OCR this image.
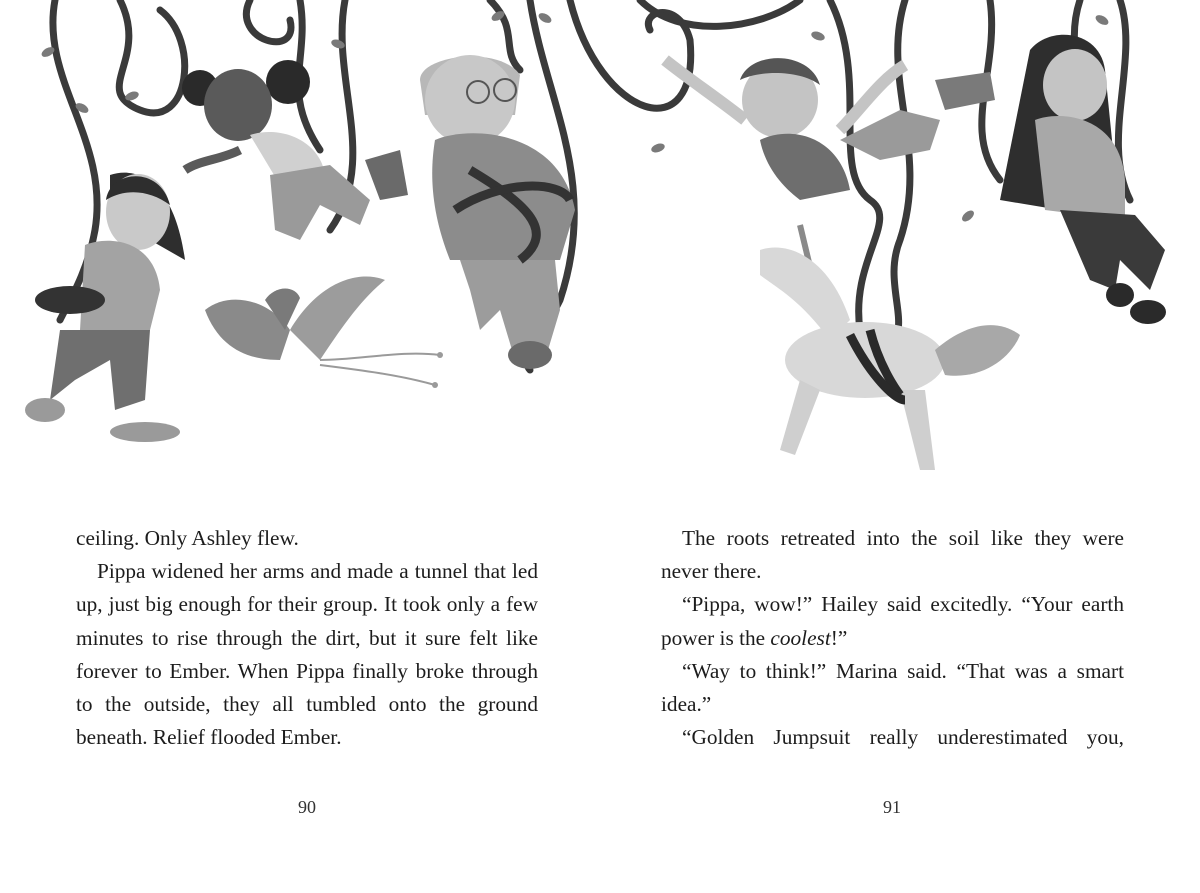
ceiling. Only Ashley flew.

Pippa widened her arms and made a tunnel that led up, just big enough for their group. It took only a few minutes to rise through the dirt, but it sure felt like forever to Ember. When Pippa finally broke through to the outside, they all tumbled onto the ground beneath. Relief flooded Ember.

90

The roots retreated into the soil like they were never there.

“Pippa, wow!” Hailey said excitedly. “Your earth power is the coolest!”

“Way to think!” Marina said. “That was a smart idea.”

“Golden Jumpsuit really underestimated you,

91
